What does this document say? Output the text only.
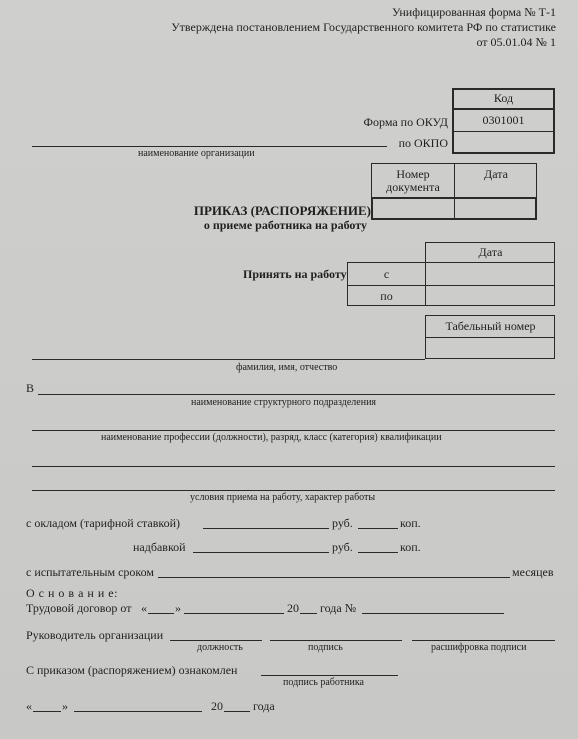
Унифицированная форма № Т-1
Утверждена постановлением Государственного комитета РФ по статистике
от 05.01.04 № 1
Код
0301001
Форма по ОКУД
по ОКПО
наименование организации
Номер документа
Дата
ПРИКАЗ (РАСПОРЯЖЕНИЕ)
о приеме работника на работу
Дата
с
по
Принять на работу
Табельный номер
фамилия, имя, отчество
В
наименование структурного подразделения
наименование профессии (должности), разряд, класс (категория) квалификации
условия приема на работу, характер работы
с окладом (тарифной ставкой)	руб.	коп.
надбавкой	руб.	коп.
с испытательным сроком	месяцев
О с н о в а н и е:
Трудовой договор от « »	20 года №
Руководитель организации
должность	подпись	расшифровка подписи
С приказом (распоряжением) ознакомлен
подпись работника
«	»	20	года
